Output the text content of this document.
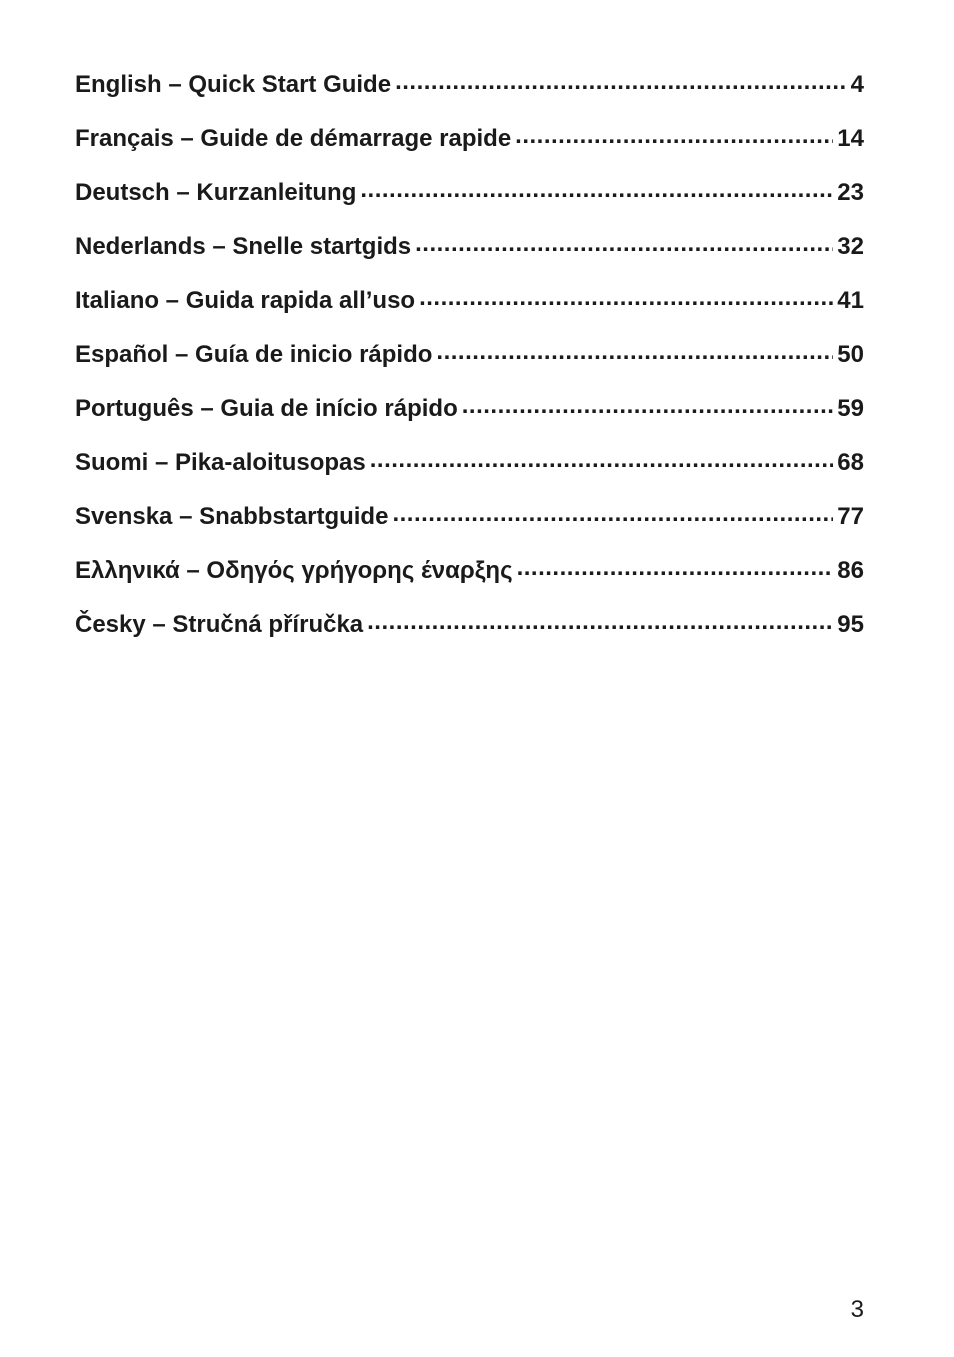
English – Quick Start Guide .....	4
Français – Guide de démarrage rapide .....	14
Deutsch – Kurzanleitung .....	23
Nederlands – Snelle startgids .....	32
Italiano – Guida rapida all’uso .....	41
Español – Guía de inicio rápido .....	50
Português – Guia de início rápido .....	59
Suomi – Pika-aloitusopas .....	68
Svenska – Snabbstartguide .....	77
Ελληνικά – Οδηγός γρήγορης έναρξης .....	86
Česky – Stručná příručka .....	95
3
